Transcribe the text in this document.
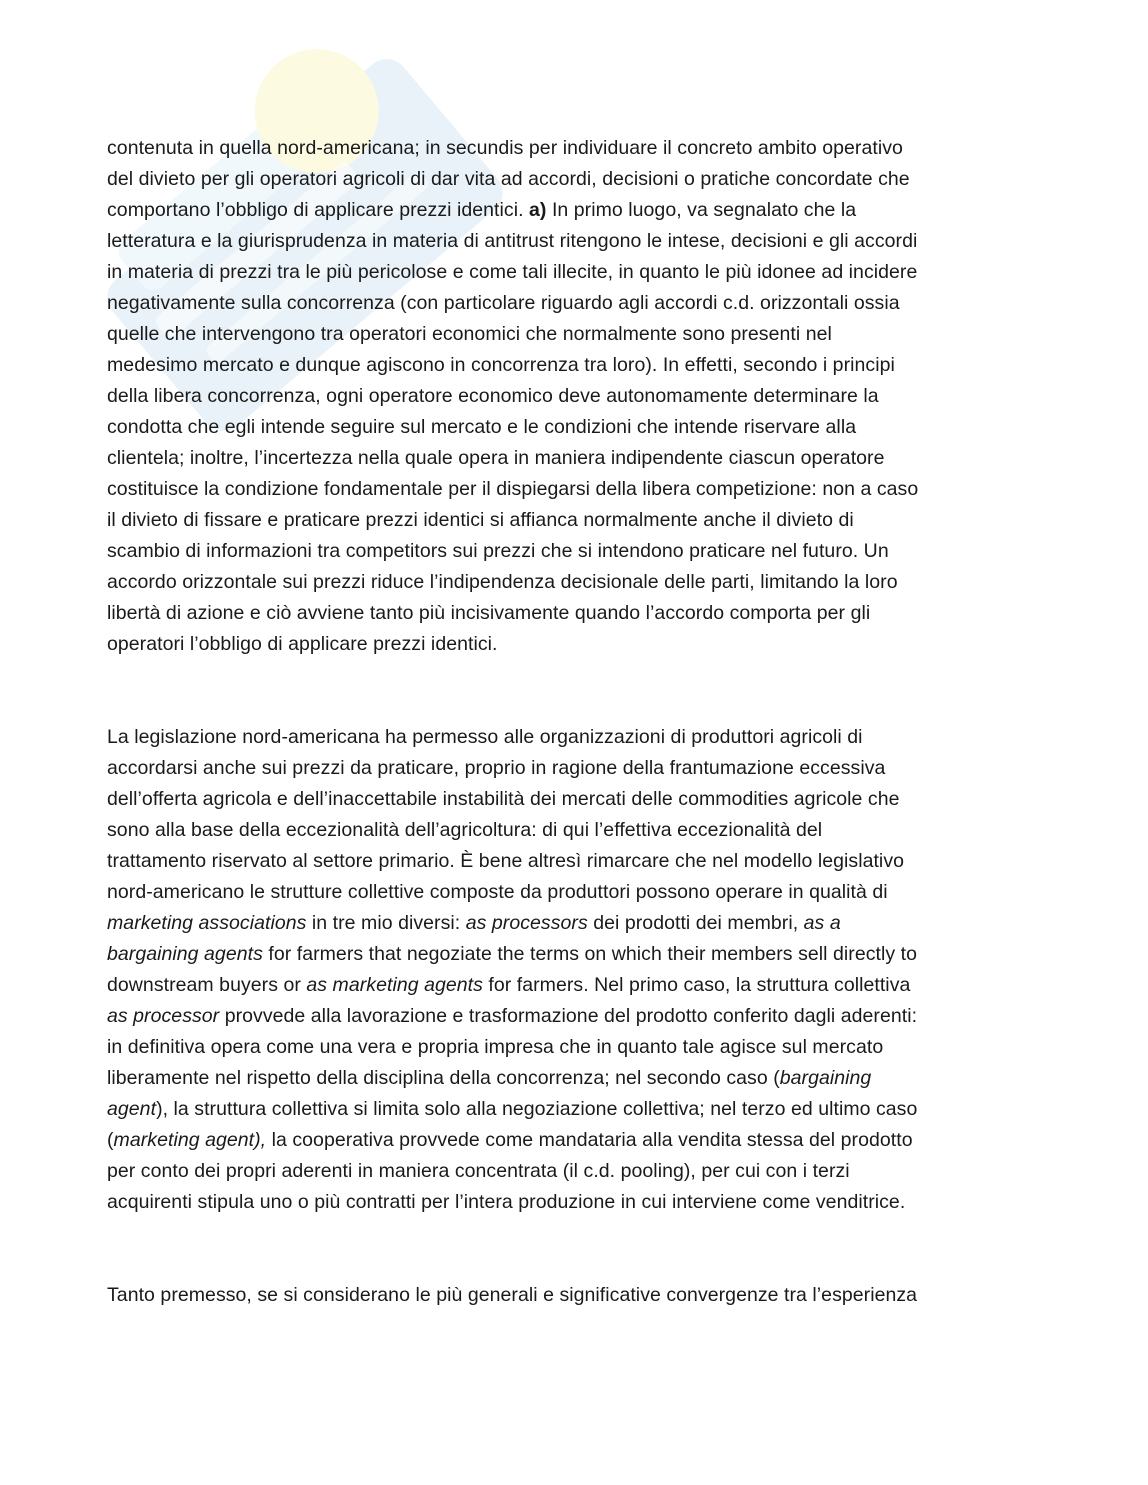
contenuta in quella nord-americana; in secundis per individuare il concreto ambito operativo
del divieto per gli operatori agricoli di dar vita ad accordi, decisioni o pratiche concordate che
comportano l’obbligo di applicare prezzi identici. a) In primo luogo, va segnalato che la
letteratura e la giurisprudenza in materia di antitrust ritengono le intese, decisioni e gli accordi
in materia di prezzi tra le più pericolose e come tali illecite, in quanto le più idonee ad incidere
negativamente sulla concorrenza (con particolare riguardo agli accordi c.d. orizzontali ossia
quelle che intervengono tra operatori economici che normalmente sono presenti nel
medesimo mercato e dunque agiscono in concorrenza tra loro). In effetti, secondo i principi
della libera concorrenza, ogni operatore economico deve autonomamente determinare la
condotta che egli intende seguire sul mercato e le condizioni che intende riservare alla
clientela; inoltre, l’incertezza nella quale opera in maniera indipendente ciascun operatore
costituisce la condizione fondamentale per il dispiegarsi della libera competizione: non a caso
il divieto di fissare e praticare prezzi identici si affianca normalmente anche il divieto di
scambio di informazioni tra competitors sui prezzi che si intendono praticare nel futuro. Un
accordo orizzontale sui prezzi riduce l’indipendenza decisionale delle parti, limitando la loro
libertà di azione e ciò avviene tanto più incisivamente quando l’accordo comporta per gli
operatori l’obbligo di applicare prezzi identici.

La legislazione nord-americana ha permesso alle organizzazioni di produttori agricoli di
accordarsi anche sui prezzi da praticare, proprio in ragione della frantumazione eccessiva
dell’offerta agricola e dell’inaccettabile instabilità dei mercati delle commodities agricole che
sono alla base della eccezionalità dell’agricoltura: di qui l’effettiva eccezionalità del
trattamento riservato al settore primario. È bene altresì rimarcare che nel modello legislativo
nord-americano le strutture collettive composte da produttori possono operare in qualità di
marketing associations in tre mio diversi: as processors dei prodotti dei membri, as a
bargaining agents for farmers that negoziate the terms on which their members sell directly to
downstream buyers or as marketing agents for farmers. Nel primo caso, la struttura collettiva
as processor provvede alla lavorazione e trasformazione del prodotto conferito dagli aderenti:
in definitiva opera come una vera e propria impresa che in quanto tale agisce sul mercato
liberamente nel rispetto della disciplina della concorrenza; nel secondo caso (bargaining
agent), la struttura collettiva si limita solo alla negoziazione collettiva; nel terzo ed ultimo caso
(marketing agent), la cooperativa provvede come mandataria alla vendita stessa del prodotto
per conto dei propri aderenti in maniera concentrata (il c.d. pooling), per cui con i terzi
acquirenti stipula uno o più contratti per l’intera produzione in cui interviene come venditrice.

Tanto premesso, se si considerano le più generali e significative convergenze tra l’esperienza
